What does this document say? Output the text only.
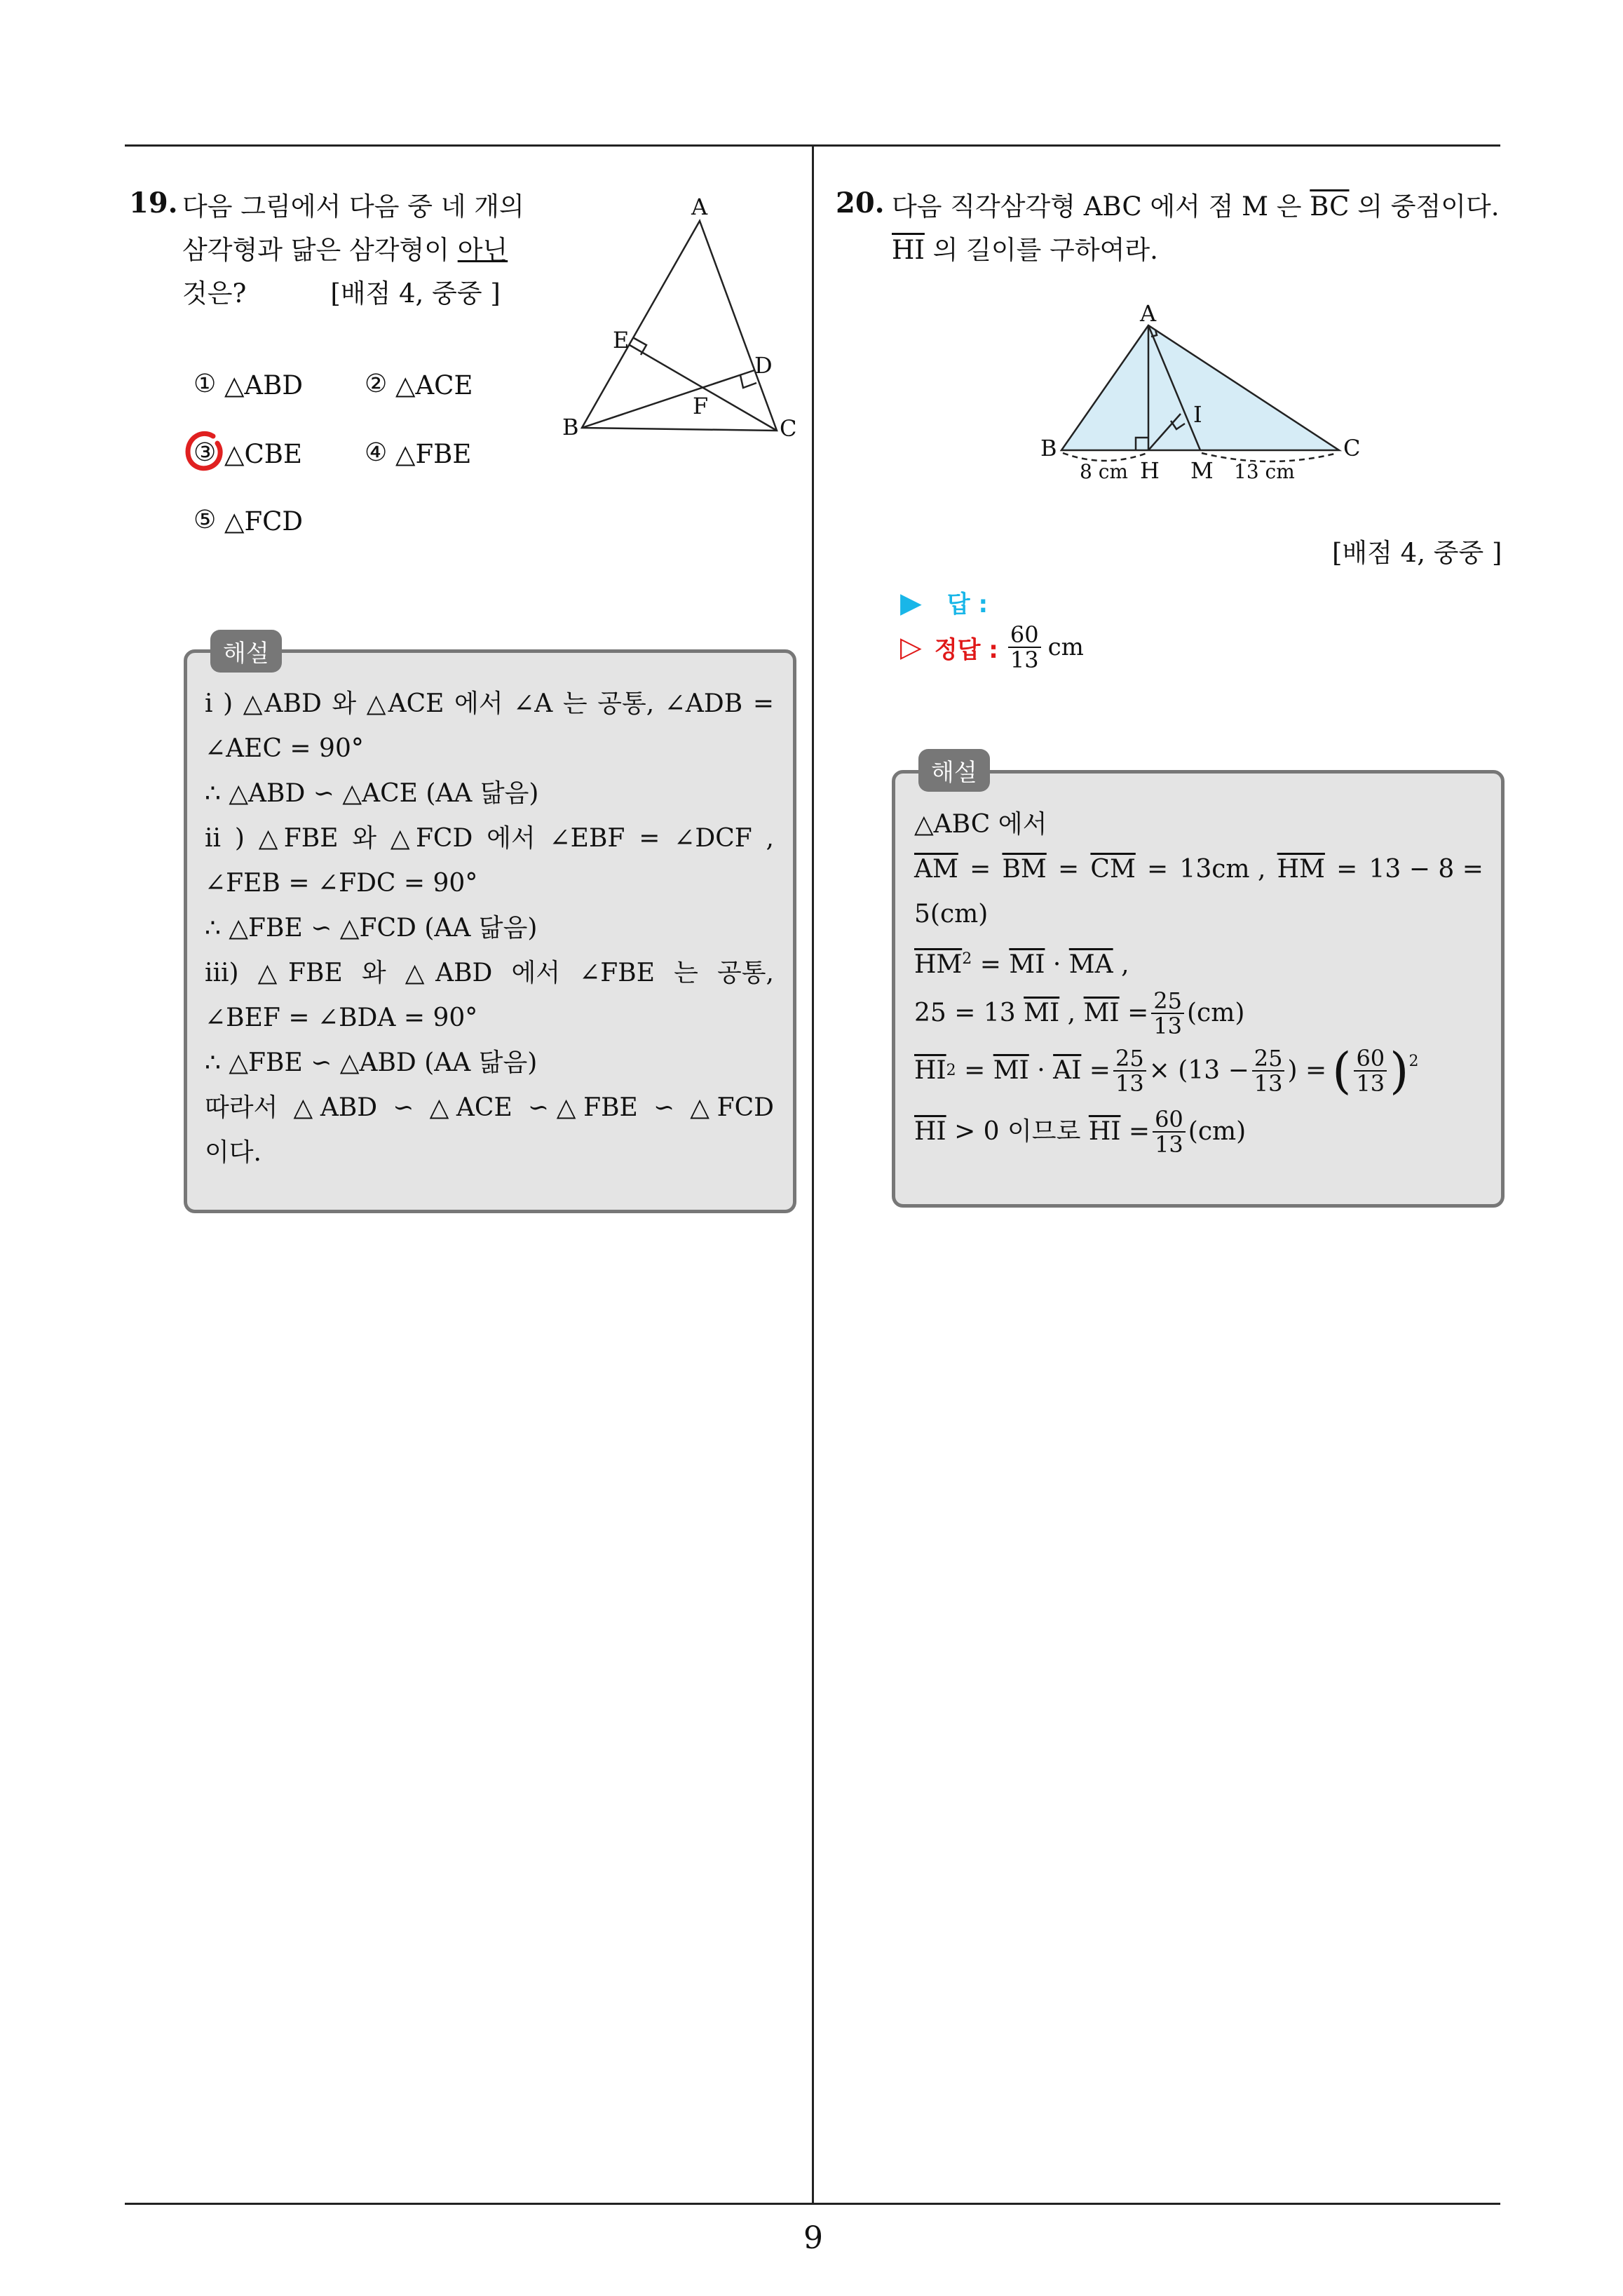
9
19. 다음 그림에서 다음 중 네 개의
삼각형과 닮은 삼각형이 아닌
것은?	[배점 4, 중중 ]
A
B	C
D
E
F
① △ABD ② △ACE
③ △CBE ④ △FBE
⑤ △FCD
해설
i ) △ABD 와 △ACE 에서 ∠A 는 공통, ∠ADB =
∠AEC = 90°
∴ △ABD ∽ △ACE (AA 닮음)
ii ) △FBE 와 △FCD 에서 ∠EBF = ∠DCF ,
∠FEB = ∠FDC = 90°
∴ △FBE ∽ △FCD (AA 닮음)
iii) △FBE 와 △ABD 에서 ∠FBE 는 공통,
∠BEF = ∠BDA = 90°
∴ △FBE ∽ △ABD (AA 닮음)
따라서 △ABD ∽ △ACE ∽△FBE ∽ △FCD
이다.
20. 다음 직각삼각형 ABC 에서 점 M 은 $\overline{BC}$ 의 중점이다.
$\overline{HI}$ 의 길이를 구하여라.
A
B	C
H M
I
8 cm	13 cm
[배점 4, 중중 ]
▶ 답 :
▷ 정답 : $\frac{60}{13}$ cm
해설
△ABC 에서
$\overline{AM} = \overline{BM} = \overline{CM} = 13cm$ , $\overline{HM} = 13 - 8$ =
5(cm)
$\overline{HM}^2 = \overline{MI} \cdot \overline{MA}$ ,
25 = 13
$\overline{MI}$ , $\overline{MI} = \frac{25}{13} (cm)$
$\overline{HI}$ $2 = \overline{MI} \cdot \overline{AI} = \frac{25}{13} \times (13 - \frac{25}{13}$ ) = ( $\frac{60}{13} )^2$
$\overline{HI}$
> 0 이므로
$\overline{HI} = \frac{60}{13} (cm)$
